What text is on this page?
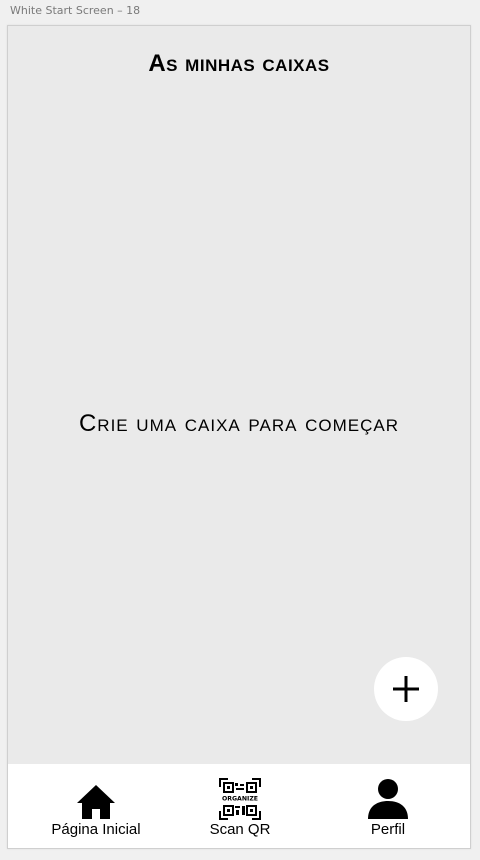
White Start Screen – 18
As minhas caixas
Crie uma caixa para começar
Página Inicial
ORGANIZE
Scan QR	Perfil
